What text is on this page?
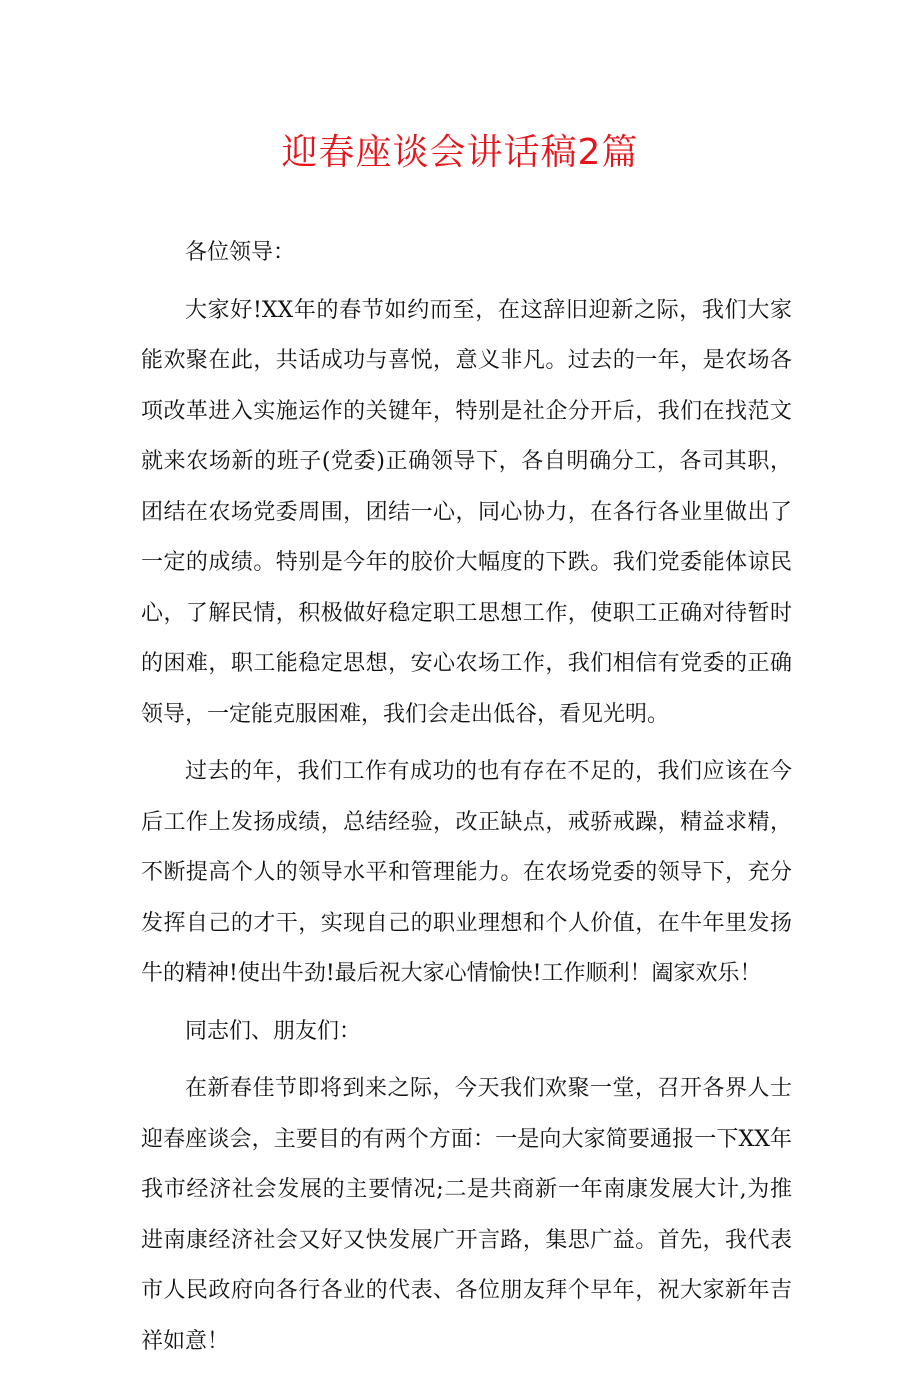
迎春座谈会讲话稿2篇

各位领导：

大家好!XX年的春节如约而至，在这辞旧迎新之际，我们大家能欢聚在此，共话成功与喜悦，意义非凡。过去的一年，是农场各项改革进入实施运作的关键年，特别是社企分开后，我们在找范文就来农场新的班子(党委)正确领导下，各自明确分工，各司其职，团结在农场党委周围，团结一心，同心协力，在各行各业里做出了一定的成绩。特别是今年的胶价大幅度的下跌。我们党委能体谅民心，了解民情，积极做好稳定职工思想工作，使职工正确对待暂时的困难，职工能稳定思想，安心农场工作，我们相信有党委的正确领导，一定能克服困难，我们会走出低谷，看见光明。

过去的年，我们工作有成功的也有存在不足的，我们应该在今后工作上发扬成绩，总结经验，改正缺点，戒骄戒躁，精益求精，不断提高个人的领导水平和管理能力。在农场党委的领导下，充分发挥自己的才干，实现自己的职业理想和个人价值，在牛年里发扬牛的精神!使出牛劲!最后祝大家心情愉快!工作顺利！阖家欢乐！

同志们、朋友们：

在新春佳节即将到来之际，今天我们欢聚一堂，召开各界人士迎春座谈会，主要目的有两个方面：一是向大家简要通报一下XX年我市经济社会发展的主要情况;二是共商新一年南康发展大计,为推进南康经济社会又好又快发展广开言路，集思广益。首先，我代表市人民政府向各行各业的代表、各位朋友拜个早年，祝大家新年吉祥如意！
